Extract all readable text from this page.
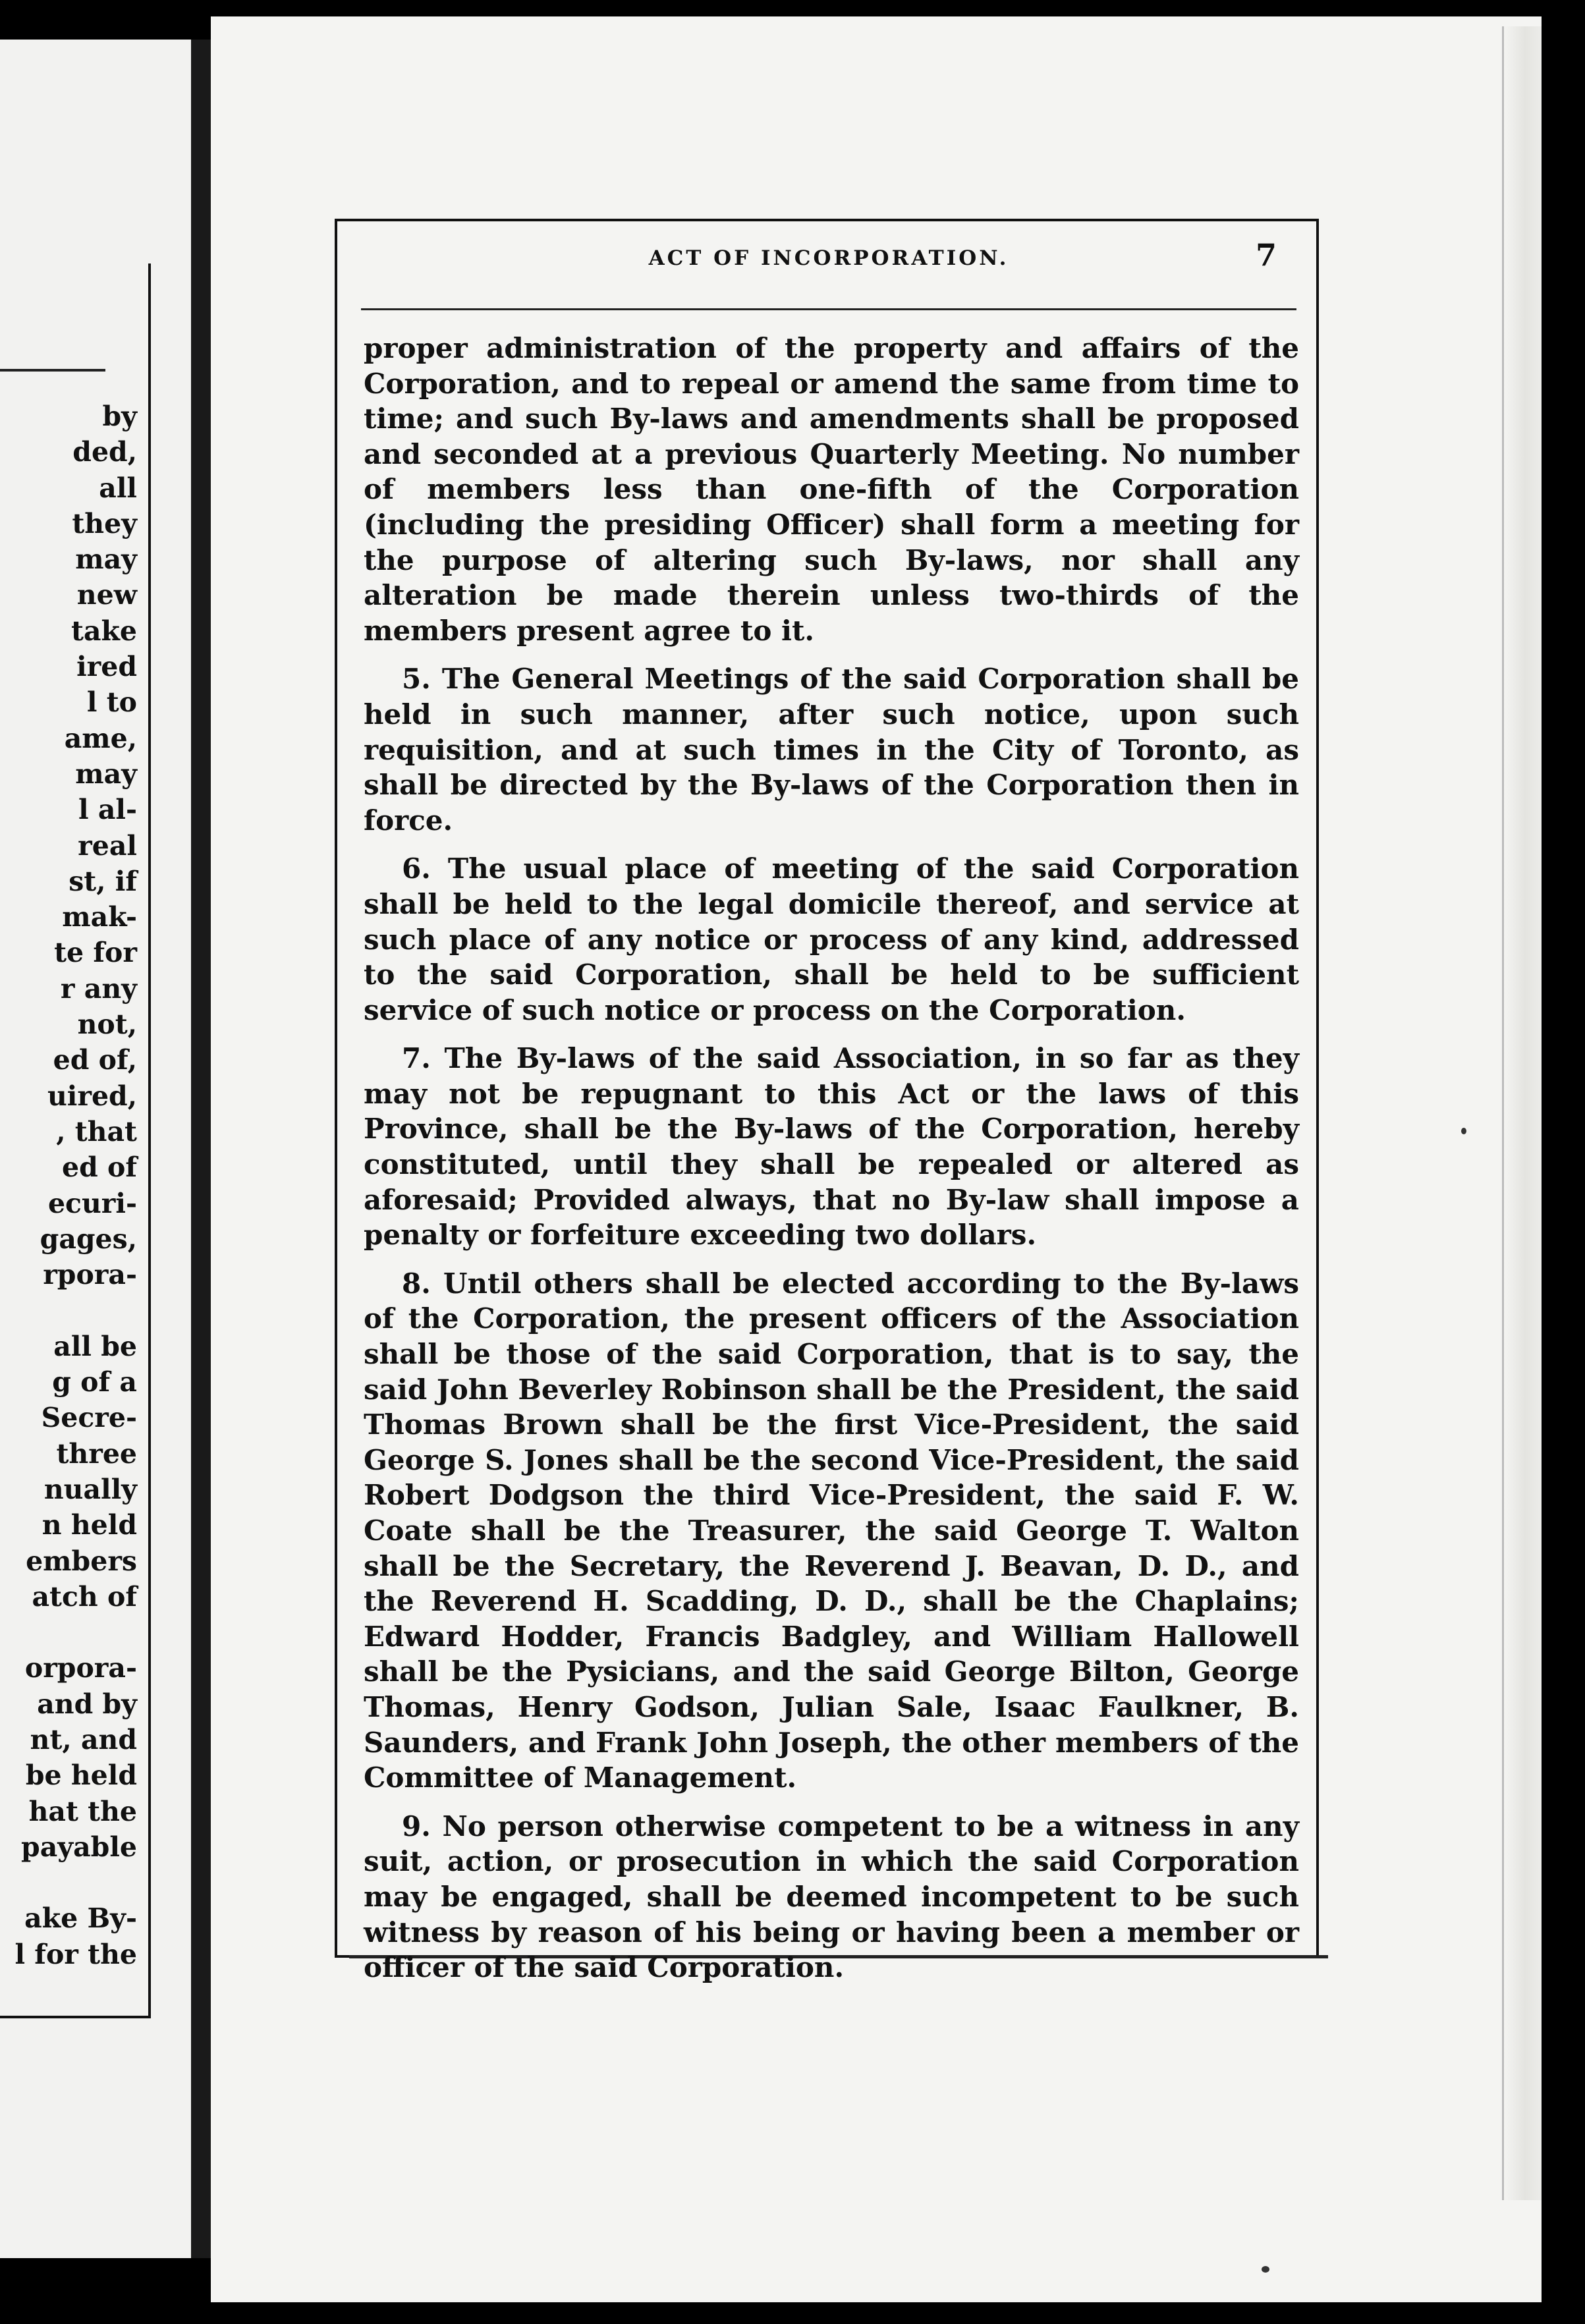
by
ded,
all
they
may
new
take
ired
l to
ame,
may
l al-
real
st, if
mak-
te for
r any
not,
ed of,
uired,
, that
ed of
ecuri-
gages,
rpora-

all be
g of a
Secre-
three
nually
n held
embers
atch of

orpora-
and by
nt, and
be held
hat the
payable

ake By-
l for the
ACT OF INCORPORATION.	7

proper administration of the property and affairs of the Corporation, and to repeal or amend the same from time to time; and such By-laws and amendments shall be proposed and seconded at a previous Quarterly Meeting. No number of members less than one-fifth of the Corporation (including the presiding Officer) shall form a meeting for the purpose of altering such By-laws, nor shall any alteration be made therein unless two-thirds of the members present agree to it.

5. The General Meetings of the said Corporation shall be held in such manner, after such notice, upon such requisition, and at such times in the City of Toronto, as shall be directed by the By-laws of the Corporation then in force.

6. The usual place of meeting of the said Corporation shall be held to the legal domicile thereof, and service at such place of any notice or process of any kind, addressed to the said Corporation, shall be held to be sufficient service of such notice or process on the Corporation.

7. The By-laws of the said Association, in so far as they may not be repugnant to this Act or the laws of this Province, shall be the By-laws of the Corporation, hereby constituted, until they shall be repealed or altered as aforesaid; Provided always, that no By-law shall impose a penalty or forfeiture exceeding two dollars.

8. Until others shall be elected according to the By-laws of the Corporation, the present officers of the Association shall be those of the said Corporation, that is to say, the said John Beverley Robinson shall be the President, the said Thomas Brown shall be the first Vice-President, the said George S. Jones shall be the second Vice-President, the said Robert Dodgson the third Vice-President, the said F. W. Coate shall be the Treasurer, the said George T. Walton shall be the Secretary, the Reverend J. Beavan, D. D., and the Reverend H. Scadding, D. D., shall be the Chaplains; Edward Hodder, Francis Badgley, and William Hallowell shall be the Pysicians, and the said George Bilton, George Thomas, Henry Godson, Julian Sale, Isaac Faulkner, B. Saunders, and Frank John Joseph, the other members of the Committee of Management.

9. No person otherwise competent to be a witness in any suit, action, or prosecution in which the said Corporation may be engaged, shall be deemed incompetent to be such witness by reason of his being or having been a member or officer of the said Corporation.
